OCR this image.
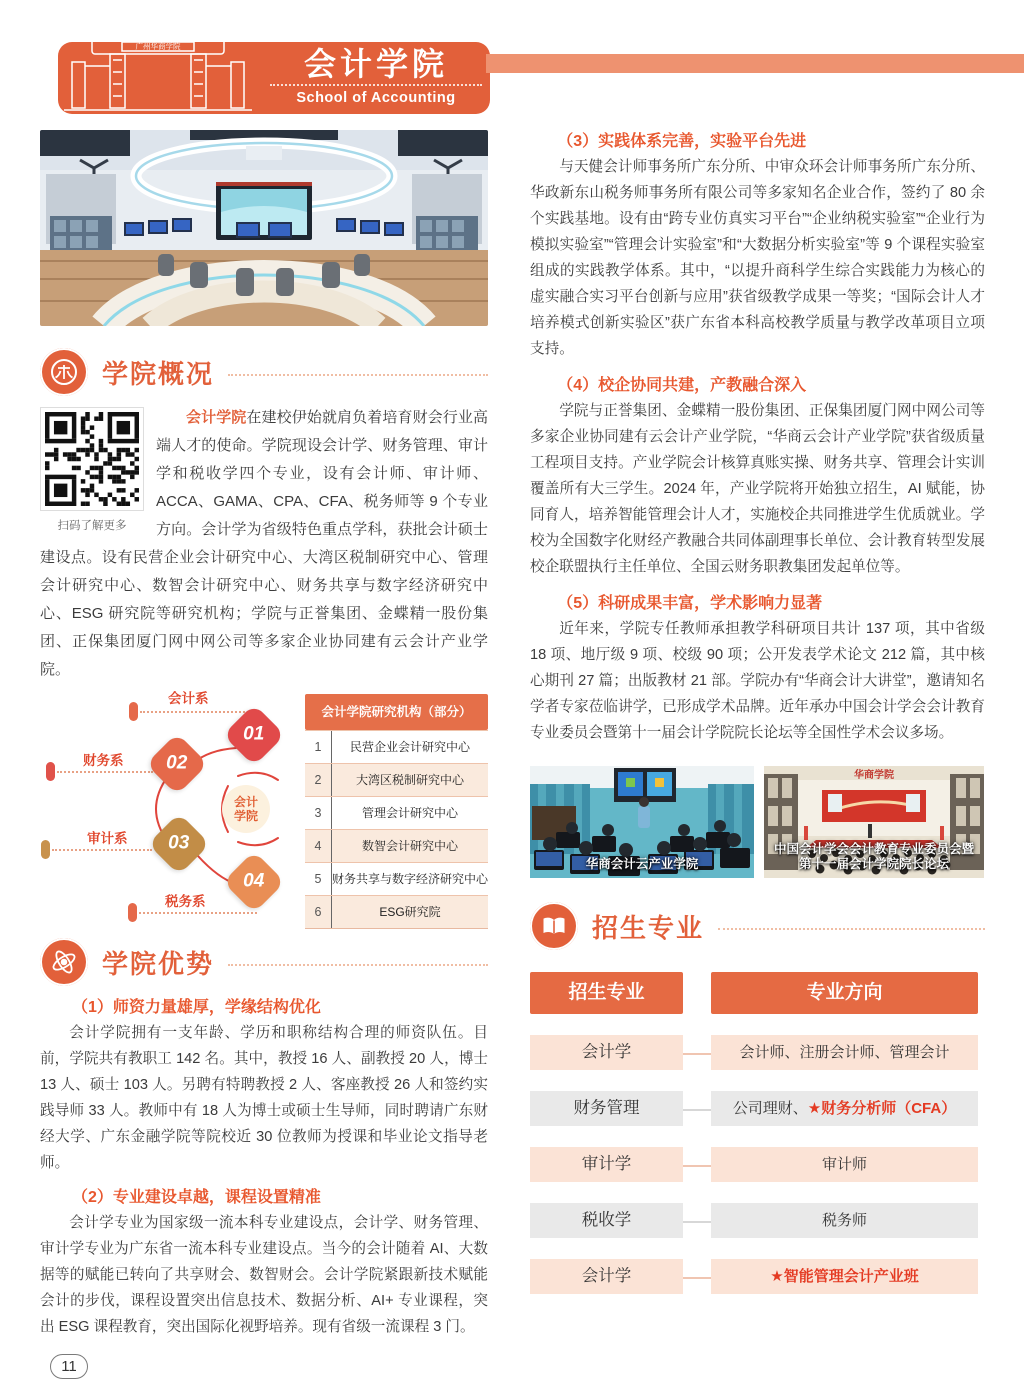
广州华商学院	会计学院
School of Accounting
学院概况
扫码了解更多

会计学院在建校伊始就肩负着培育财会行业高端人才的使命。学院现设会计学、财务管理、审计学和税收学四个专业，设有会计师、审计师、ACCA、GAMA、CPA、CFA、税务师等 9 个专业方向。会计学为省级特色重点学科，获批会计硕士建设点。设有民营企业会计研究中心、大湾区税制研究中心、管理会计研究中心、数智会计研究中心、财务共享与数字经济研究中心、ESG 研究院等研究机构；学院与正誉集团、金蝶精一股份集团、正保集团厦门网中网公司等多家企业协同建有云会计产业学院。

会计系
01
财务系 02
会计
学院
审计系 03
税务系
04
会计学院研究机构（部分）
1	民营企业会计研究中心
2	大湾区税制研究中心
3	管理会计研究中心
4	数智会计研究中心
5 财务共享与数字经济研究中心
6	ESG研究院
学院优势
（1）师资力量雄厚，学缘结构优化
会计学院拥有一支年龄、学历和职称结构合理的师资队伍。目前，学院共有教职工 142 名。其中，教授 16 人、副教授 20 人，博士 13 人、硕士 103 人。另聘有特聘教授 2 人、客座教授 26 人和签约实践导师 33 人。教师中有 18 人为博士或硕士生导师，同时聘请广东财经大学、广东金融学院等院校近 30 位教师为授课和毕业论文指导老师。
（2）专业建设卓越，课程设置精准
会计学专业为国家级一流本科专业建设点，会计学、财务管理、审计学专业为广东省一流本科专业建设点。当今的会计随着 AI、大数据等的赋能已转向了共享财会、数智财会。会计学院紧跟新技术赋能会计的步伐，课程设置突出信息技术、数据分析、AI+ 专业课程，突出 ESG 课程教育，突出国际化视野培养。现有省级一流课程 3 门。
（3）实践体系完善，实验平台先进
与天健会计师事务所广东分所、中审众环会计师事务所广东分所、华政新东山税务师事务所有限公司等多家知名企业合作，签约了 80 余个实践基地。设有由“跨专业仿真实习平台”“企业纳税实验室”“企业行为模拟实验室”“管理会计实验室”和“大数据分析实验室”等 9 个课程实验室组成的实践教学体系。其中，“以提升商科学生综合实践能力为核心的虚实融合实习平台创新与应用”获省级教学成果一等奖；“国际会计人才培养模式创新实验区”获广东省本科高校教学质量与教学改革项目立项支持。
（4）校企协同共建，产教融合深入
学院与正誉集团、金蝶精一股份集团、正保集团厦门网中网公司等多家企业协同建有云会计产业学院，“华商云会计产业学院”获省级质量工程项目支持。产业学院会计核算真账实操、财务共享、管理会计实训覆盖所有大三学生。2024 年，产业学院将开始独立招生，AI 赋能，协同育人，培养智能管理会计人才，实施校企共同推进学生优质就业。学校为全国数字化财经产教融合共同体副理事长单位、会计教育转型发展校企联盟执行主任单位、全国云财务职教集团发起单位等。
（5）科研成果丰富，学术影响力显著
近年来，学院专任教师承担教学科研项目共计 137 项，其中省级 18 项、地厅级 9 项、校级 90 项；公开发表学术论文 212 篇，其中核心期刊 27 篇；出版教材 21 部。学院办有“华商会计大讲堂”，邀请知名学者专家莅临讲学，已形成学术品牌。近年承办中国会计学会会计教育专业委员会暨第十一届会计学院院长论坛等全国性学术会议多场。
华商会计云产业学院
华商学院
中国会计学会会计教育专业委员会暨
第十一届会计学院院长论坛
招生专业
招生专业	专业方向
会计学	会计师、注册会计师、管理会计
财务管理	公司理财、★财务分析师（CFA）
审计学	审计师
税收学	税务师
会计学	★智能管理会计产业班
11
